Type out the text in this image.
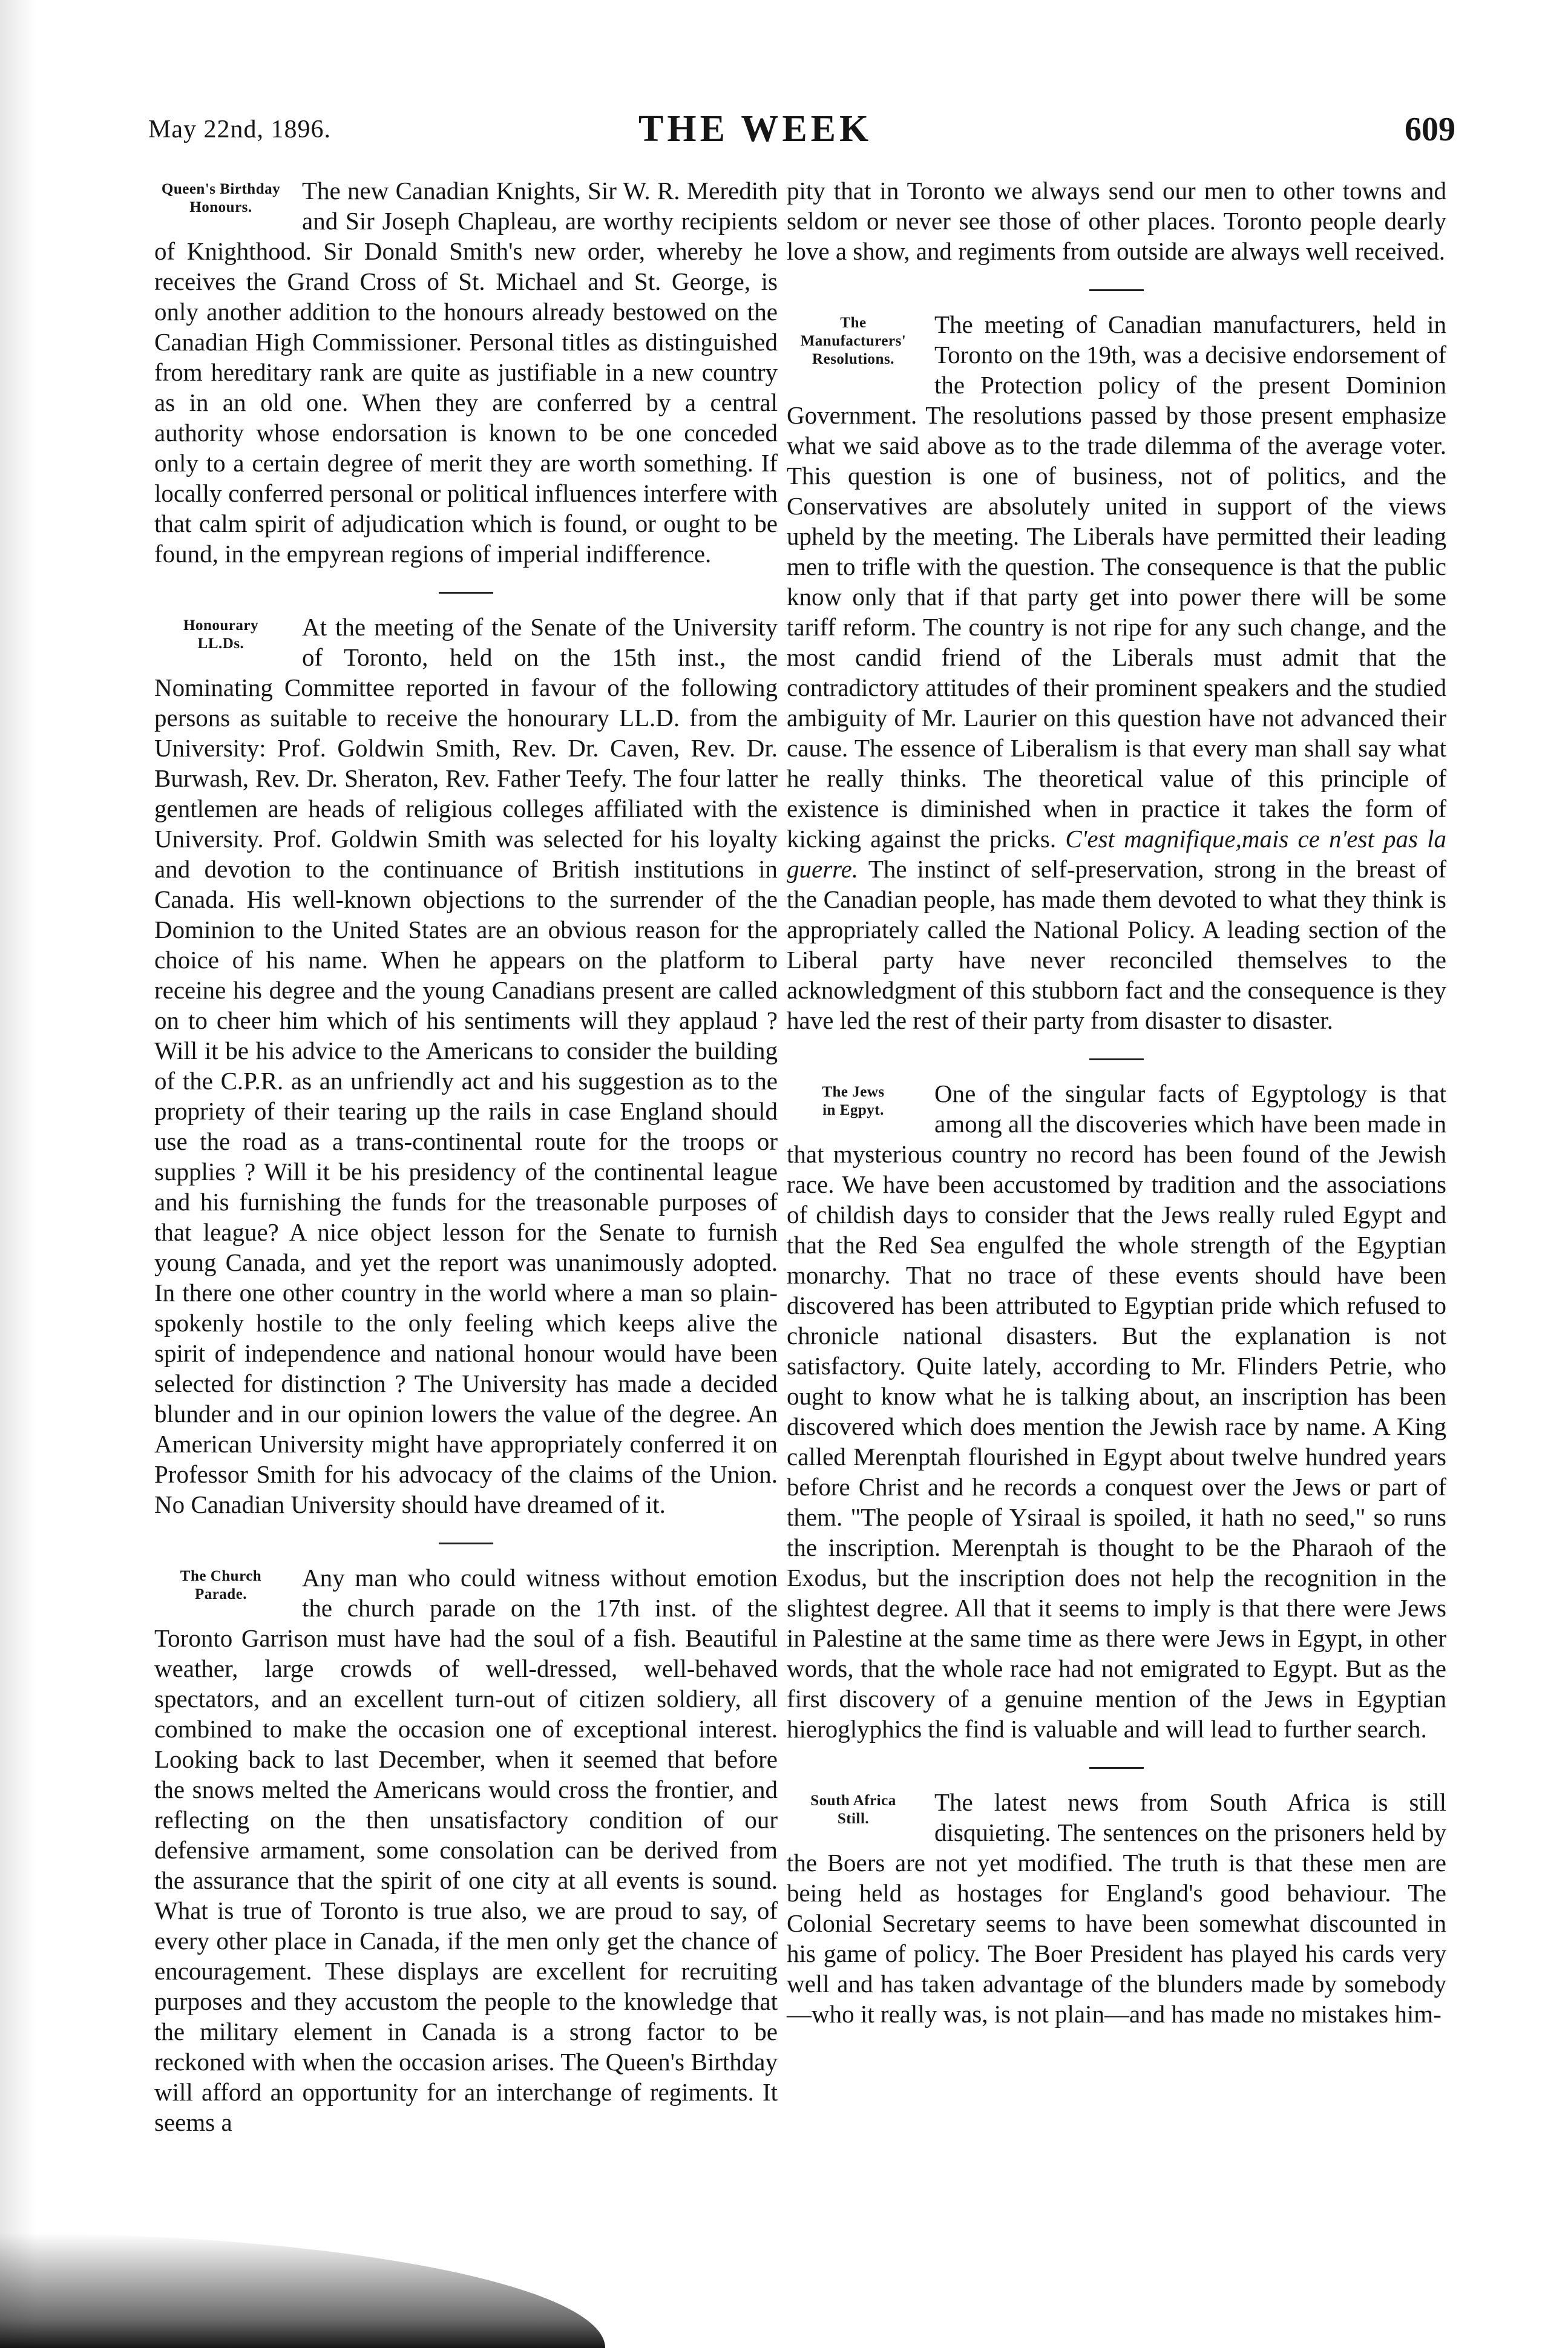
May 22nd, 1896.	THE WEEK	609
Queen's Birthday
Honours.
The new Canadian Knights, Sir W. R. Meredith and Sir Joseph Chapleau, are worthy recipients of Knighthood. Sir Donald Smith's new order, whereby he receives the Grand Cross of St. Michael and St. George, is only another addition to the honours already bestowed on the Canadian High Commissioner. Personal titles as distinguished from hereditary rank are quite as justifiable in a new country as in an old one. When they are conferred by a central authority whose endorsation is known to be one conceded only to a certain degree of merit they are worth something. If locally conferred personal or political influences interfere with that calm spirit of adjudication which is found, or ought to be found, in the empyrean regions of imperial indifference.
Honourary
LL.Ds.
At the meeting of the Senate of the University of Toronto, held on the 15th inst., the Nominating Committee reported in favour of the following persons as suitable to receive the honourary LL.D. from the University: Prof. Goldwin Smith, Rev. Dr. Caven, Rev. Dr. Burwash, Rev. Dr. Sheraton, Rev. Father Teefy. The four latter gentlemen are heads of religious colleges affiliated with the University. Prof. Goldwin Smith was selected for his loyalty and devotion to the continuance of British institutions in Canada. His well-known objections to the surrender of the Dominion to the United States are an obvious reason for the choice of his name. When he appears on the platform to receine his degree and the young Canadians present are called on to cheer him which of his sentiments will they applaud ? Will it be his advice to the Americans to consider the building of the C.P.R. as an unfriendly act and his suggestion as to the propriety of their tearing up the rails in case England should use the road as a trans-continental route for the troops or supplies ? Will it be his presidency of the continental league and his furnishing the funds for the treasonable purposes of that league? A nice object lesson for the Senate to furnish young Canada, and yet the report was unanimously adopted. In there one other country in the world where a man so plain-spokenly hostile to the only feeling which keeps alive the spirit of independence and national honour would have been selected for distinction ? The University has made a decided blunder and in our opinion lowers the value of the degree. An American University might have appropriately conferred it on Professor Smith for his advocacy of the claims of the Union. No Canadian University should have dreamed of it.
The Church
Parade.
Any man who could witness without emotion the church parade on the 17th inst. of the Toronto Garrison must have had the soul of a fish. Beautiful weather, large crowds of well-dressed, well-behaved spectators, and an excellent turn-out of citizen soldiery, all combined to make the occasion one of exceptional interest. Looking back to last December, when it seemed that before the snows melted the Americans would cross the frontier, and reflecting on the then unsatisfactory condition of our defensive armament, some consolation can be derived from the assurance that the spirit of one city at all events is sound. What is true of Toronto is true also, we are proud to say, of every other place in Canada, if the men only get the chance of encouragement. These displays are excellent for recruiting purposes and they accustom the people to the knowledge that the military element in Canada is a strong factor to be reckoned with when the occasion arises. The Queen's Birthday will afford an opportunity for an interchange of regiments. It seems a
pity that in Toronto we always send our men to other towns and seldom or never see those of other places. Toronto people dearly love a show, and regiments from outside are always well received.
The Manufacturers'
Resolutions.
The meeting of Canadian manufacturers, held in Toronto on the 19th, was a decisive endorsement of the Protection policy of the present Dominion Government. The resolutions passed by those present emphasize what we said above as to the trade dilemma of the average voter. This question is one of business, not of politics, and the Conservatives are absolutely united in support of the views upheld by the meeting. The Liberals have permitted their leading men to trifle with the question. The consequence is that the public know only that if that party get into power there will be some tariff reform. The country is not ripe for any such change, and the most candid friend of the Liberals must admit that the contradictory attitudes of their prominent speakers and the studied ambiguity of Mr. Laurier on this question have not advanced their cause. The essence of Liberalism is that every man shall say what he really thinks. The theoretical value of this principle of existence is diminished when in practice it takes the form of kicking against the pricks. C'est magnifique,mais ce n'est pas la guerre. The instinct of self-preservation, strong in the breast of the Canadian people, has made them devoted to what they think is appropriately called the National Policy. A leading section of the Liberal party have never reconciled themselves to the acknowledgment of this stubborn fact and the consequence is they have led the rest of their party from disaster to disaster.
The Jews
in Egpyt.
One of the singular facts of Egyptology is that among all the discoveries which have been made in that mysterious country no record has been found of the Jewish race. We have been accustomed by tradition and the associations of childish days to consider that the Jews really ruled Egypt and that the Red Sea engulfed the whole strength of the Egyptian monarchy. That no trace of these events should have been discovered has been attributed to Egyptian pride which refused to chronicle national disasters. But the explanation is not satisfactory. Quite lately, according to Mr. Flinders Petrie, who ought to know what he is talking about, an inscription has been discovered which does mention the Jewish race by name. A King called Merenptah flourished in Egypt about twelve hundred years before Christ and he records a conquest over the Jews or part of them. "The people of Ysiraal is spoiled, it hath no seed," so runs the inscription. Merenptah is thought to be the Pharaoh of the Exodus, but the inscription does not help the recognition in the slightest degree. All that it seems to imply is that there were Jews in Palestine at the same time as there were Jews in Egypt, in other words, that the whole race had not emigrated to Egypt. But as the first discovery of a genuine mention of the Jews in Egyptian hieroglyphics the find is valuable and will lead to further search.
South Africa
Still.
The latest news from South Africa is still disquieting. The sentences on the prisoners held by the Boers are not yet modified. The truth is that these men are being held as hostages for England's good behaviour. The Colonial Secretary seems to have been somewhat discounted in his game of policy. The Boer President has played his cards very well and has taken advantage of the blunders made by somebody—who it really was, is not plain—and has made no mistakes him-
